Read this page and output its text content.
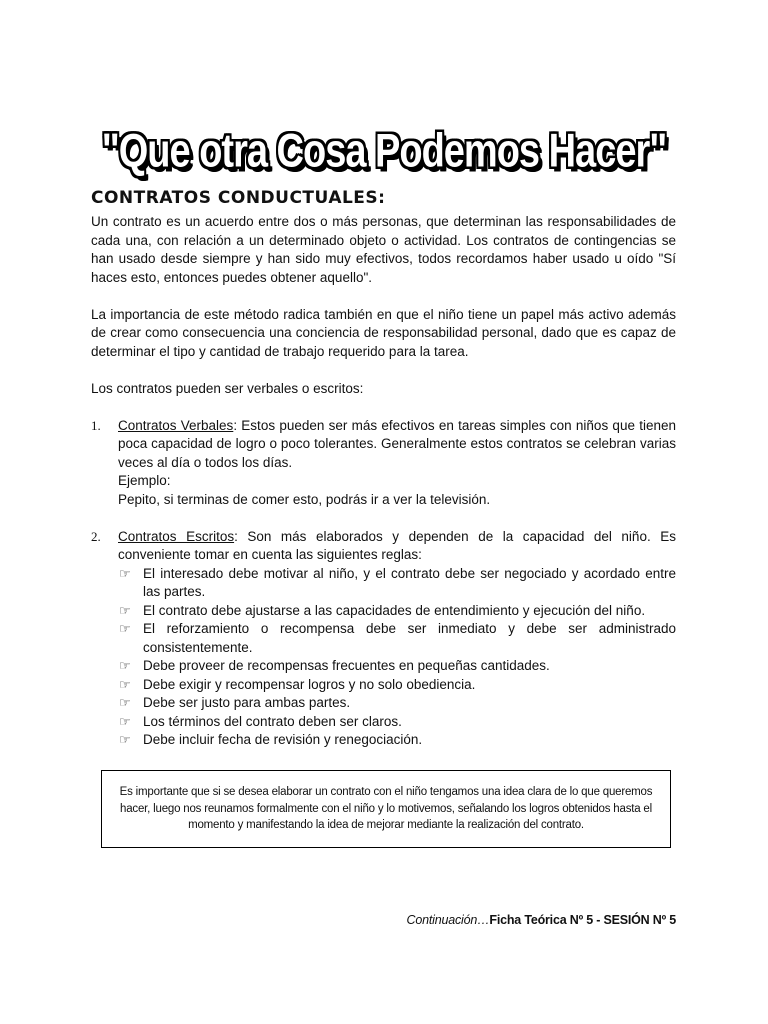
"Que otra Cosa Podemos Hacer"
CONTRATOS CONDUCTUALES:

Un contrato es un acuerdo entre dos o más personas, que determinan las responsabilidades de cada una, con relación a un determinado objeto o actividad. Los contratos de contingencias se han usado desde siempre y han sido muy efectivos, todos recordamos haber usado u oído "Sí haces esto, entonces puedes obtener aquello".

La importancia de este método radica también en que el niño tiene un papel más activo además de crear como consecuencia una conciencia de responsabilidad personal, dado que es capaz de determinar el tipo y cantidad de trabajo requerido para la tarea.

Los contratos pueden ser verbales o escritos:

1. Contratos Verbales: Estos pueden ser más efectivos en tareas simples con niños que tienen poca capacidad de logro o poco tolerantes. Generalmente estos contratos se celebran varias veces al día o todos los días.

Ejemplo:

Pepito, si terminas de comer esto, podrás ir a ver la televisión.

2. Contratos Escritos: Son más elaborados y dependen de la capacidad del niño. Es conveniente tomar en cuenta las siguientes reglas:

☞ El interesado debe motivar al niño, y el contrato debe ser negociado y acordado entre las partes.
☞ El contrato debe ajustarse a las capacidades de entendimiento y ejecución del niño.
☞ El reforzamiento o recompensa debe ser inmediato y debe ser administrado consistentemente.
☞ Debe proveer de recompensas frecuentes en pequeñas cantidades.
☞ Debe exigir y recompensar logros y no solo obediencia.
☞ Debe ser justo para ambas partes.
☞ Los términos del contrato deben ser claros.
☞ Debe incluir fecha de revisión y renegociación.

Es importante que si se desea elaborar un contrato con el niño tengamos una idea clara de lo que queremos hacer, luego nos reunamos formalmente con el niño y lo motivemos, señalando los logros obtenidos hasta el momento y manifestando la idea de mejorar mediante la realización del contrato.

Continuación…Ficha Teórica Nº 5 - SESIÓN Nº 5
